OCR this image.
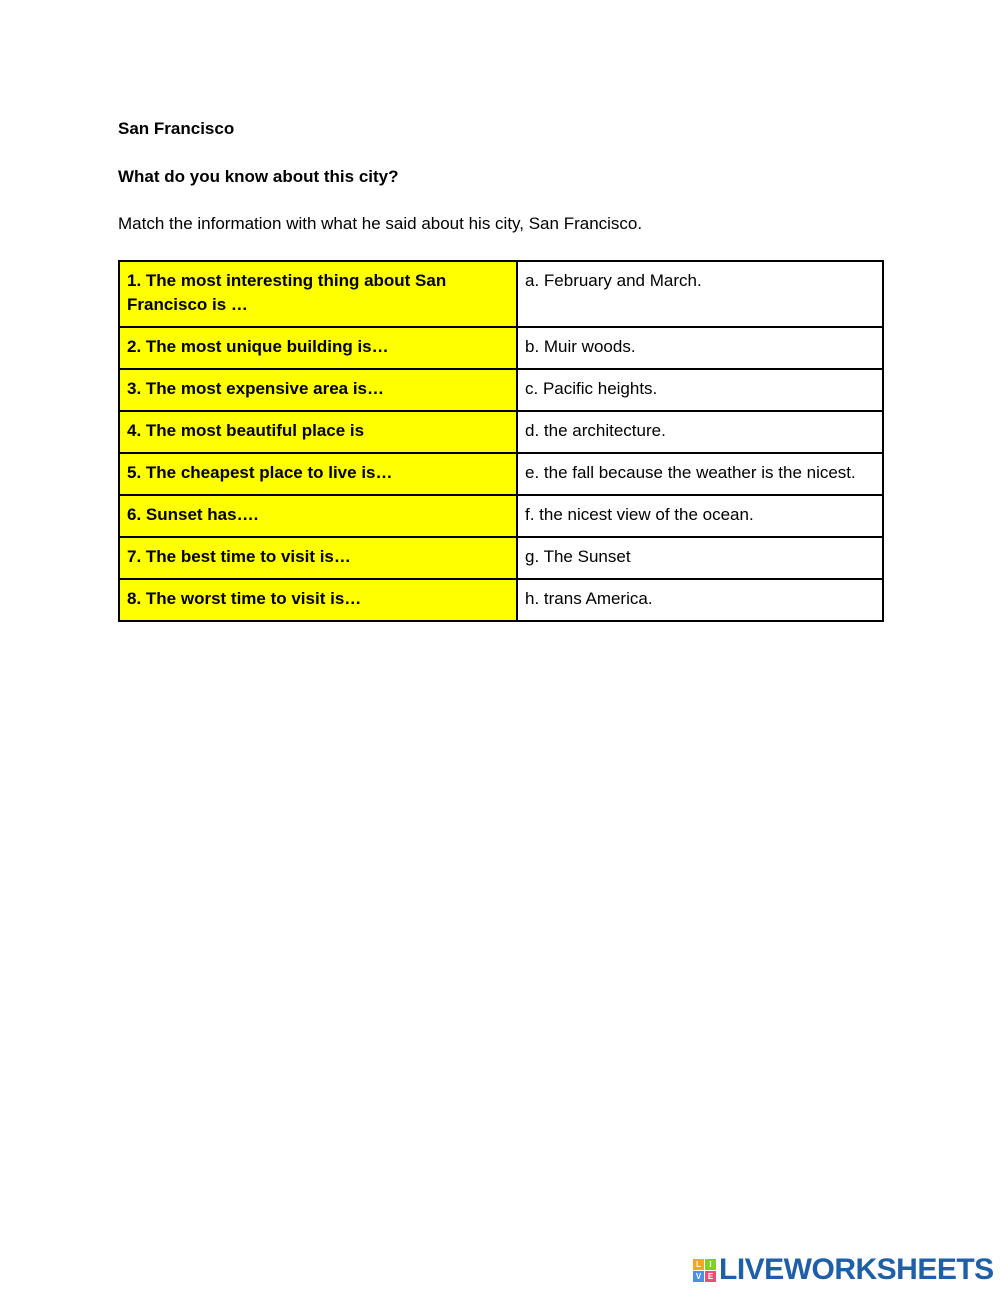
San Francisco
What do you know about this city?
Match the information with what he said about his city, San Francisco.
1. The most interesting thing about San Francisco is …	a. February and March.
2. The most unique building is…	b. Muir woods.
3. The most expensive area is…	c. Pacific heights.
4. The most beautiful place is	d. the architecture.
5. The cheapest place to live is…	e. the fall because the weather is the nicest.
6. Sunset has….	f. the nicest view of the ocean.
7. The best time to visit is…	g. The Sunset
8. The worst time to visit is…	h. trans America.
L	I
V E LIVEWORKSHEETS
